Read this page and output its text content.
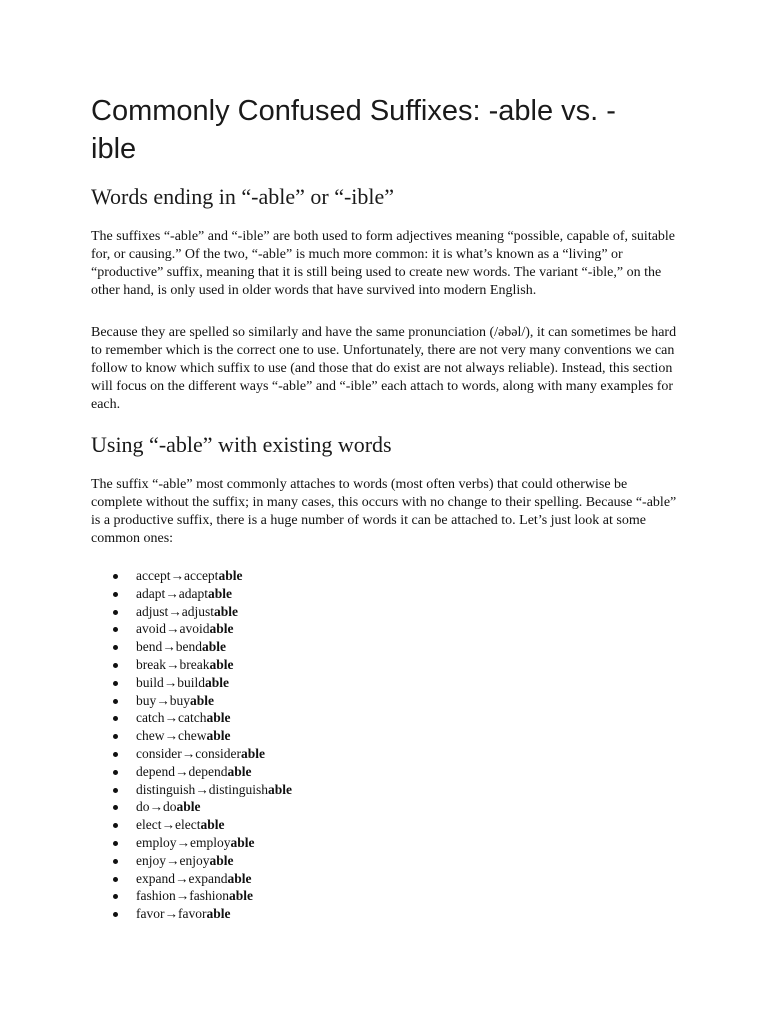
Commonly Confused Suffixes: -able vs. -ible
Words ending in “-able” or “-ible”

The suffixes “-able” and “-ible” are both used to form adjectives meaning “possible, capable of, suitable for, or causing.” Of the two, “-able” is much more common: it is what’s known as a “living” or “productive” suffix, meaning that it is still being used to create new words. The variant “-ible,” on the other hand, is only used in older words that have survived into modern English.

Because they are spelled so similarly and have the same pronunciation (/əbəl/), it can sometimes be hard to remember which is the correct one to use. Unfortunately, there are not very many conventions we can follow to know which suffix to use (and those that do exist are not always reliable). Instead, this section will focus on the different ways “-able” and “-ible” each attach to words, along with many examples for each.

Using “-able” with existing words

The suffix “-able” most commonly attaches to words (most often verbs) that could otherwise be complete without the suffix; in many cases, this occurs with no change to their spelling. Because “-able” is a productive suffix, there is a huge number of words it can be attached to. Let’s just look at some common ones:

accept→acceptable
adapt→adaptable
adjust→adjustable
avoid→avoidable
bend→bendable
break→breakable
build→buildable
buy→buyable
catch→catchable
chew→chewable
consider→considerable
depend→dependable
distinguish→distinguishable
do→doable
elect→electable
employ→employable
enjoy→enjoyable
expand→expandable
fashion→fashionable
favor→favorable
